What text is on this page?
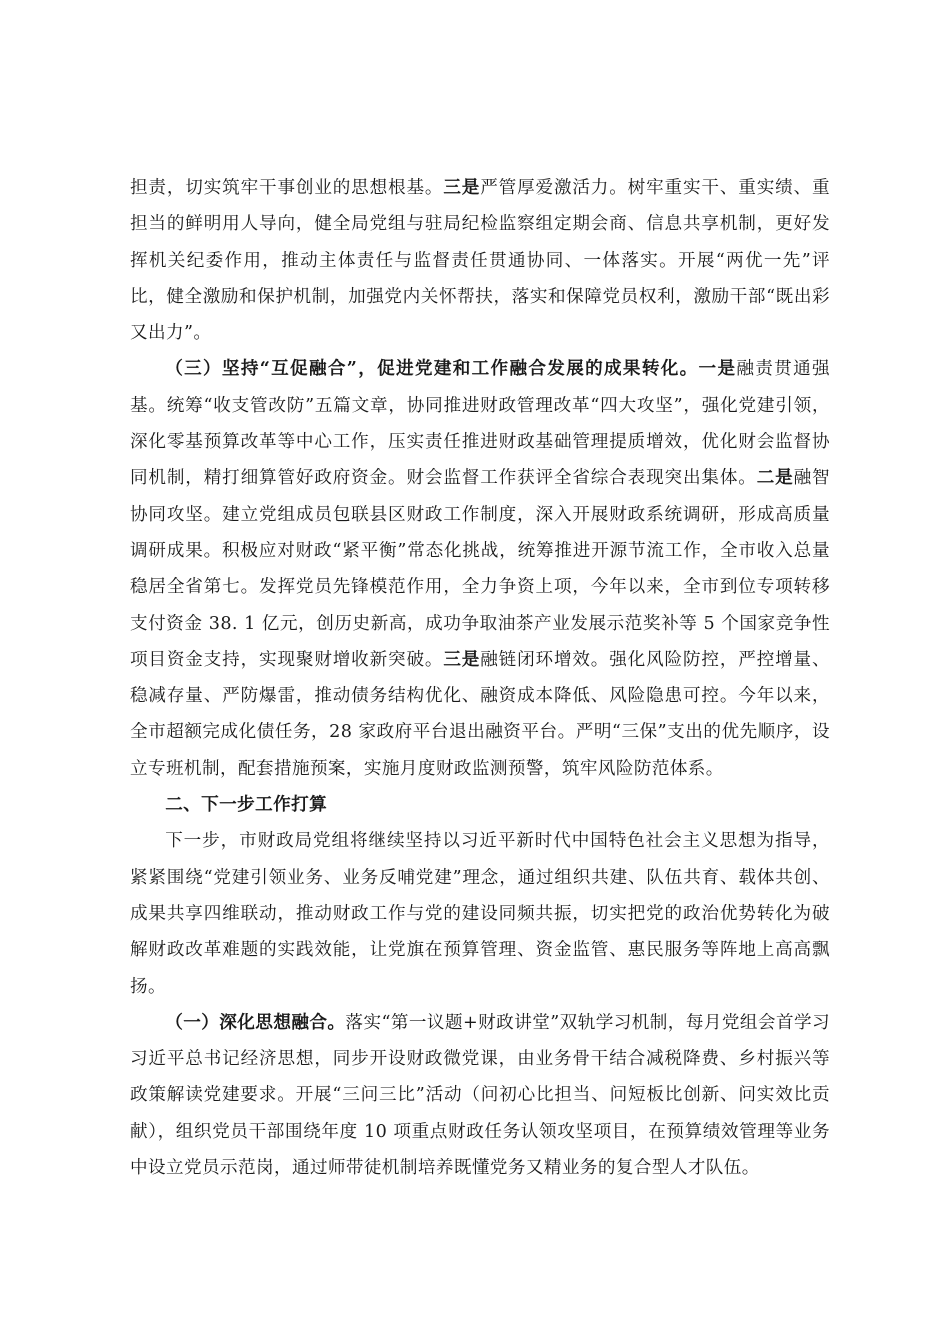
担责，切实筑牢干事创业的思想根基。三是严管厚爱激活力。树牢重实干、重实绩、重担当的鲜明用人导向，健全局党组与驻局纪检监察组定期会商、信息共享机制，更好发挥机关纪委作用，推动主体责任与监督责任贯通协同、一体落实。开展“两优一先”评比，健全激励和保护机制，加强党内关怀帮扶，落实和保障党员权利，激励干部“既出彩又出力”。

（三）坚持“互促融合”，促进党建和工作融合发展的成果转化。一是融责贯通强基。统筹“收支管改防”五篇文章，协同推进财政管理改革“四大攻坚”，强化党建引领，深化零基预算改革等中心工作，压实责任推进财政基础管理提质增效，优化财会监督协同机制，精打细算管好政府资金。财会监督工作获评全省综合表现突出集体。二是融智协同攻坚。建立党组成员包联县区财政工作制度，深入开展财政系统调研，形成高质量调研成果。积极应对财政“紧平衡”常态化挑战，统筹推进开源节流工作，全市收入总量稳居全省第七。发挥党员先锋模范作用，全力争资上项，今年以来，全市到位专项转移支付资金 38. 1 亿元，创历史新高，成功争取油茶产业发展示范奖补等 5 个国家竞争性项目资金支持，实现聚财增收新突破。三是融链闭环增效。强化风险防控，严控增量、稳减存量、严防爆雷，推动债务结构优化、融资成本降低、风险隐患可控。今年以来，全市超额完成化债任务，28 家政府平台退出融资平台。严明“三保”支出的优先顺序，设立专班机制，配套措施预案，实施月度财政监测预警，筑牢风险防范体系。

二、下一步工作打算

下一步，市财政局党组将继续坚持以习近平新时代中国特色社会主义思想为指导，紧紧围绕“党建引领业务、业务反哺党建”理念，通过组织共建、队伍共育、载体共创、成果共享四维联动，推动财政工作与党的建设同频共振，切实把党的政治优势转化为破解财政改革难题的实践效能，让党旗在预算管理、资金监管、惠民服务等阵地上高高飘扬。

（一）深化思想融合。落实“第一议题+财政讲堂”双轨学习机制，每月党组会首学习习近平总书记经济思想，同步开设财政微党课，由业务骨干结合减税降费、乡村振兴等政策解读党建要求。开展“三问三比”活动（问初心比担当、问短板比创新、问实效比贡献），组织党员干部围绕年度 10 项重点财政任务认领攻坚项目，在预算绩效管理等业务中设立党员示范岗，通过师带徒机制培养既懂党务又精业务的复合型人才队伍。
